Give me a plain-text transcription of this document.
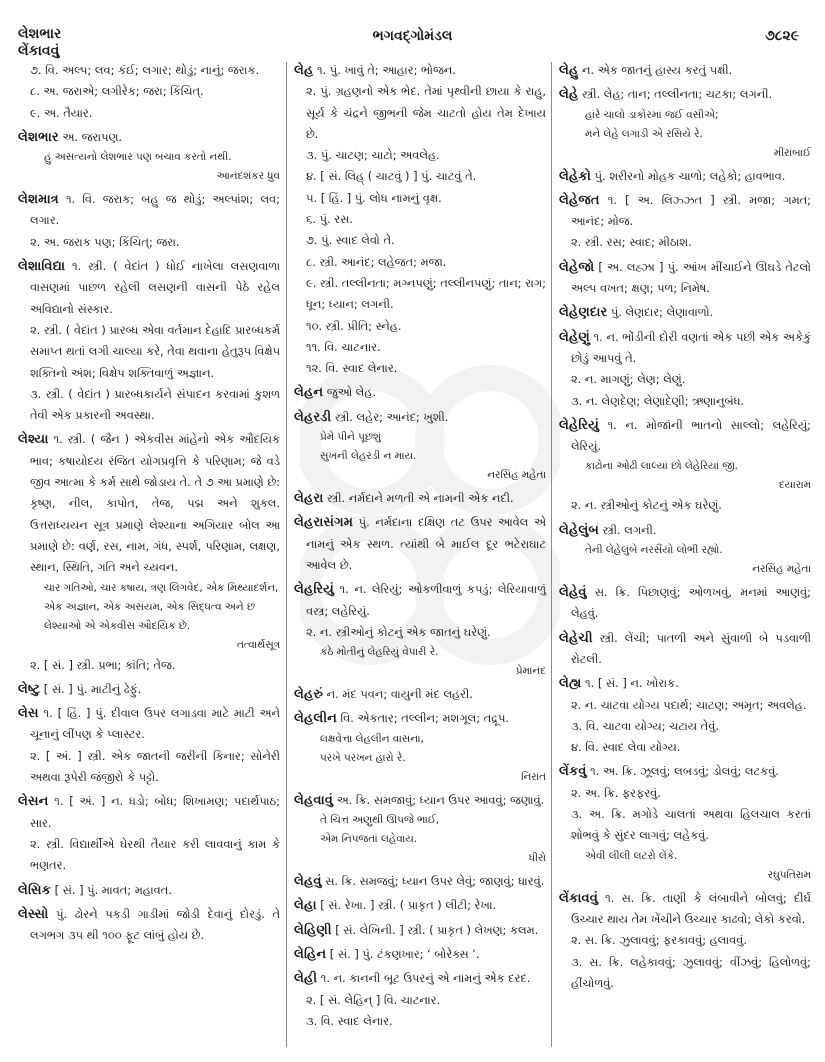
લેશભાર
લેંકાવવું
ભગવદ્ગોમંડલ	૭૮૨૯
૭. વિ. અલ્પ; લવ; કંઈ; લગાર; થોડું; નાનું; જરાક.
૮. અ. જરાએ; લગીરેક; જરા; કિંચિત્.
૯. અ. તૈયાર.
લેશભાર અ. જરાપણ.
હું અસત્યનો લેશભાર પણ બચાવ કરતો નથી.
આનંદશંકર ધ્રુવ
લેશમાત્ર ૧. વિ. જરાક; બહુ જ થોડું; અલ્પાંશ; લવ; લગાર.
૨. અ. જરાક પણ; કિંચિત્; જરા.
લેશાવિદ્યા ૧. સ્ત્રી. ( વેદાંત ) ધોઈ નાખેલા લસણવાળા વાસણમાં પાછળ રહેલી લસણની વાસની પેઠે રહેલ અવિદ્યાનો સંસ્કાર.
૨. સ્ત્રી. ( વેદાંત ) પ્રારબ્ધ એવા વર્તમાન દેહાદિ પ્રારબ્ધકર્મ સમાપ્ત થતાં લગી ચાલ્યા કરે, તેવા થવાના હેતુરૂપ વિક્ષેપ શક્તિનો અંશ; વિક્ષેપ શક્તિવાળું અજ્ઞાન.
૩. સ્ત્રી. ( વેદાંત ) પ્રારબ્ધકાર્યને સંપાદન કરવામાં કુશળ તેવી એક પ્રકારની અવસ્થા.
લેશ્યા ૧. સ્ત્રી. ( જૈન ) એકવીસ માંહેનો એક ઔદયિક ભાવ; કષાયોદય રંજિત યોગપ્રવૃત્તિ કે પરિણામ; જે વડે જીવ આત્મા કે કર્મ સાથે જોડાય તે. તે ૭ આ પ્રમાણે છે: કૃષ્ણ, નીલ, કાપોત, તેજ, પદ્મ અને શુકલ. ઉત્તરાધ્યયન સૂત્ર પ્રમાણે લેશ્યાના અગિયાર બોલ આ પ્રમાણે છે: વર્ણ, રસ, નામ, ગંધ, સ્પર્શ, પરિણામ, લક્ષણ, સ્થાન, સ્થિતિ, ગતિ અને ચ્યવન.
ચાર ગતિઓ, ચાર કષાય, ત્રણ લિંગવેદ, એક મિથ્યાદર્શન, એક અજ્ઞાન, એક અસંયમ, એક સિદ્ધત્વ અને છ લેશ્યાઓ એ એકવીસ ઔદયિક છે.
તત્વાર્થસૂત્ર
૨. [ સં. ] સ્ત્રી. પ્રભા; કાંતિ; તેજ.
લેષ્ટુ [ સં. ] પું. માટીનું ઢેફું.
લેસ ૧. [ હિં. ] પું. દીવાલ ઉપર લગાડવા માટે માટી અને ચૂનાનું લીંપણ કે પ્લાસ્ટર.
૨. [ અં. ] સ્ત્રી. એક જાતની જરીની કિનાર; સોનેરી અથવા રૂપેરી જંજીરો કે પટ્ટો.
લેસન ૧. [ અં. ] ન. ધડો; બોધ; શિખામણ; પદાર્થપાઠ; સાર.
૨. સ્ત્રી. વિદ્યાર્થીએ ઘેરથી તૈયાર કરી લાવવાનું કામ કે ભણતર.
લેસિક [ સં. ] પું. માવત; મહાવત.
લેસ્સો પું. ઢોરને પકડી ગાડીમાં જોડી દેવાનું દોરડું. તે લગભગ ૩૫ થી ૧૦૦ ફૂટ લાંબું હોય છે.
લેહ ૧. પું. ખાવું તે; આહાર; ભોજન.
૨. પું. ગ્રહણનો એક ભેદ. તેમાં પૃથ્વીની છાયા કે રાહુ, સૂર્ય કે ચંદ્રને જીભની જેમ ચાટતો હોય તેમ દેખાય છે.
૩. પું. ચાટણ; ચાટો; અવલેહ.
૪. [ સં. લિહ્ ( ચાટવું ) ] પું. ચાટવું તે.
૫. [ હિં. ] પું. લોધ નામનું વૃક્ષ.
૬. પું. રસ.
૭. પું. સ્વાદ લેવો તે.
૮. સ્ત્રી. આનંદ; લહેજત; મજા.
૯. સ્ત્રી. તલ્લીનતા; મગ્નપણું; તલ્લીનપણું; તાન; રાગ; ધૂન; ધ્યાન; લગની.
૧૦. સ્ત્રી. પ્રીતિ; સ્નેહ.
૧૧. વિ. ચાટનાર.
૧૨. વિ. સ્વાદ લેનાર.
લેહન જુઓ લેહ.
લેહરડી સ્ત્રી. લહેર; આનંદ; ખુશી.
પ્રેમે પીને પૂછશું
સુખની લેહરડી ન માય.
નરસિંહ મહેતા
લેહરા સ્ત્રી. નર્મદાને મળતી એ નામની એક નદી.
લેહરાસંગમ પું. નર્મદાના દક્ષિણ તટ ઉપર આવેલ એ નામનું એક સ્થળ. ત્યાંથી બે માઈલ દૂર ભટેરાઘાટ આવેલ છે.
લેહરિયું ૧. ન. લેરિયું; ઓકળીવાળું કપડું; લેરિયાવાળું વસ્ત્ર; લહેરિયું.
૨. ન. સ્ત્રીઓનું કોટનું એક જાતનું ઘરેણું.
કંઠે મોતીનું લેહરિયું વેપારી રે.
પ્રેમાનંદ
લેહરું ન. મંદ પવન; વાયુની મંદ લહરી.
લેહલીન વિ. એકતાર; તલ્લીન; મશગૂલ; તદ્રૂપ.
લક્ષવેત્તા લેહલીન વાસના,
પરખે પરખન હારો રે.
નિરાંત
લેહવાવું અ. ક્રિ. સમજાવું; ધ્યાન ઉપર આવવું; જણાવું.
તે ચિત્ત અણુથી ઊપજે ભાઈ,
એમ નિપજતાં લહેવાય.
ધીરો
લેહવું સ. ક્રિ. સમજવું; ધ્યાન ઉપર લેવું; જાણવું; ધારવું.
લેહા [ સં. રેખા. ] સ્ત્રી. ( પ્રાકૃત ) લીટી; રેખા.
લેહિણી [ સં. લેખિની. ] સ્ત્રી. ( પ્રાકૃત ) લેખણ; કલમ.
લેહિન [ સં. ] પું. ટંકણખાર; ‘ બોરેક્સ ’.
લેહી ૧. ન. કાનની બૂટ ઉપરનું એ નામનું એક દરદ.
૨. [ સં. લેહિન્ ] વિ. ચાટનાર.
૩. વિ. સ્વાદ લેનાર.
લેહુ ન. એક જાતનું હાસ્ય કરતું પક્ષી.
લેહે સ્ત્રી. લેહ; તાન; તલ્લીનતા; ચટકા; લગની.
હાંરે ચાલો ડાકોરમાં જઈ વસીએ;
મને લેહે લગાડી એ રસિયે રે.
મીરાંબાઈ
લેહેકો પું. શરીરનો મોહક ચાળો; લહેકો; હાવભાવ.
લેહેજત ૧. [ અ. લિઝ્ઝત ] સ્ત્રી. મજા; ગમત; આનંદ; મોજ.
૨. સ્ત્રી. રસ; સ્વાદ; મીઠાશ.
લેહેજો [ અ. લહ્ઝા ] પું. આંખ મીંચાઈને ઊઘડે તેટલો અલ્પ વખત; ક્ષણ; પળ; નિમેષ.
લેહેણદાર પું. લેણદાર; લેણાવાળો.
લેહેણું ૧. ન. ભોંડીની દોરી વણતાં એક પછી એક અકેકું છોડું આપવું તે.
૨. ન. માગણું; લેણ; લેણું.
૩. ન. લેણદેણ; લેણાદેણી; ઋણાનુબંધ.
લેહેરિયું ૧. ન. મોજાંની ભાતનો સાલ્લો; લહેરિયું; લેરિયું.
કાઢોનાં ઓઢી લાલ્યાં છો લેહેરિયાં જી.
દયારામ
૨. ન. સ્ત્રીઓનું કોટનું એક ઘરેણું.
લેહેલુંબ સ્ત્રી. લગની.
તેની લેહેલુંબે નરસૈંયો લોભી રહ્યો.
નરસિંહ મહેતા
લેહેવું સ. ક્રિ. પિછાણવું; ઓળખવું, મનમાં આણવું; લેહવું.
લેહેચી સ્ત્રી. લેંચી; પાતળી અને સુંવાળી બે પડવાળી રોટલી.
લેહ્ય ૧. [ સં. ] ન. ખોરાક.
૨. ન. ચાટવા યોગ્ય પદાર્થ; ચાટણ; અમૃત; અવલેહ.
૩. વિ. ચાટવા યોગ્ય; ચટાય તેવું.
૪. વિ. સ્વાદ લેવા યોગ્ય.
લેંકવું ૧. અ. ક્રિ. ઝૂલવું; લબડવું; ડોલવું; લટકવું.
૨. અ. ક્રિ. ફરફરવું.
૩. અ. ક્રિ. મગોડે ચાલતાં અથવા હિલચાલ કરતાં શોભવું કે સુંદર લાગવું; લહેકવું.
એવી લીલી લટરો લેંકે.
રઘુપતિરામ
લેંકાવવું ૧. સ. ક્રિ. તાણી કે લંબાવીને બોલવું; દીર્ઘ ઉચ્ચાર થાય તેમ ખેંચીને ઉચ્ચાર કાઢવો; લેકો કરવો.
૨. સ. ક્રિ. ઝુલાવવું; ફરકાવવું; હલાવવું.
૩. સ. ક્રિ. લહેકાવવું; ઝુલાવવું; વીંઝવું; હિલોળવું; હીંચોળવું.
